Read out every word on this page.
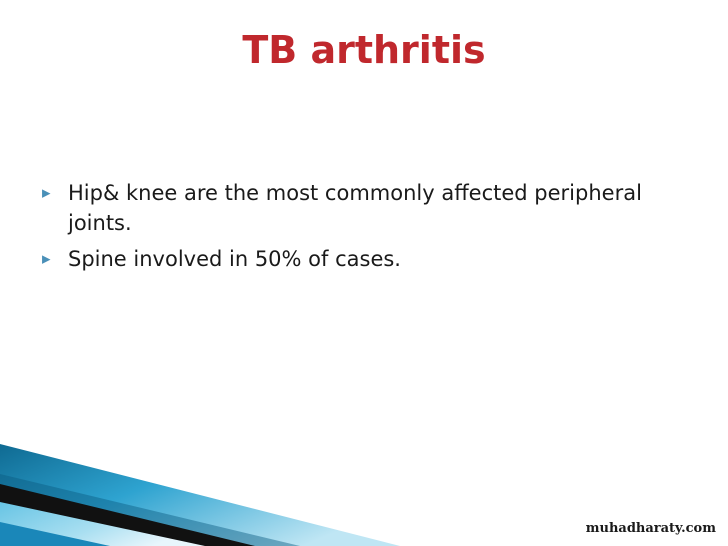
TB arthritis
▸ Hip& knee are the most commonly affected peripheral joints.
▸ Spine involved in 50% of cases.
muhadharaty.com
